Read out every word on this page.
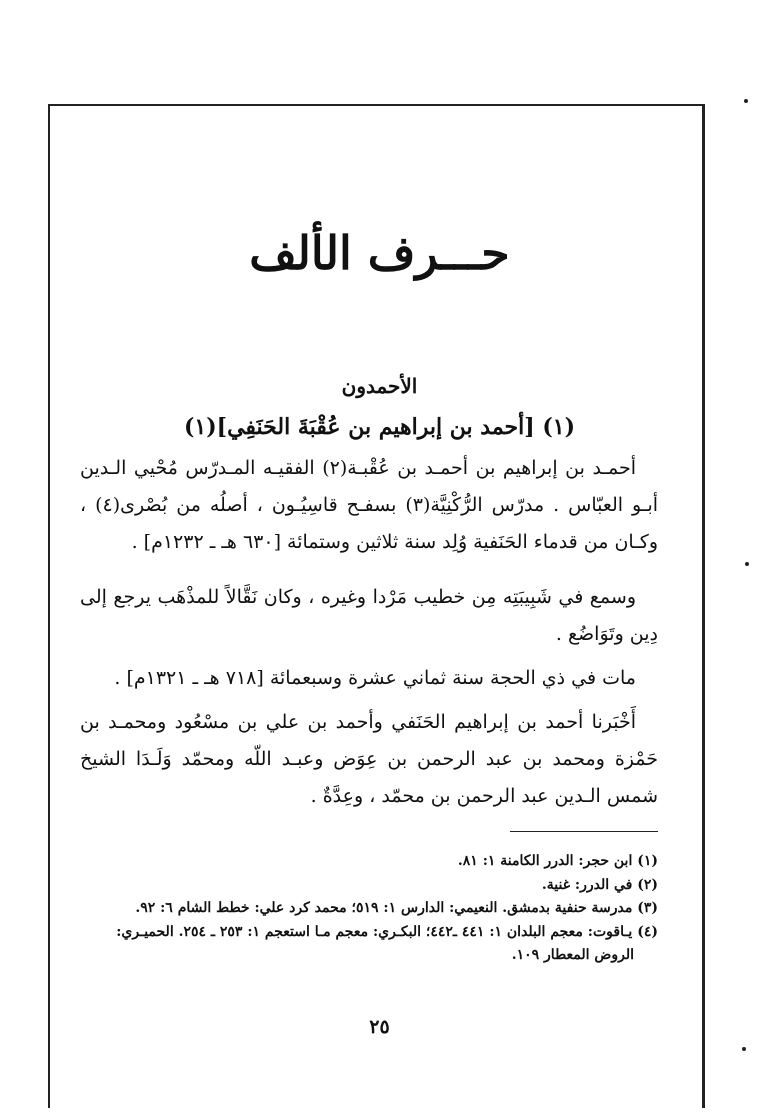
حـــرف الألف
الأحمدون
(١) [أحمد بن إبراهيم بن عُقْبَةَ الحَنَفِي](١)
أحمـد بن إبراهيم بن أحمـد بن عُقْبـة(٢) الفقيـه المـدرّس مُحْيي الـدين أبـو العبّاس . مدرّس الرُّكْنِيَّة(٣) بسفـح قاسِيُـون ، أصلُه من بُصْرى(٤) ، وكـان من قدماء الحَنَفية وُلِد سنة ثلاثين وستمائة [٦٣٠ هـ ـ ١٢٣٢م] .
وسمع في شَبِيبَتِه مِن خطيب مَرْدا وغيره ، وكان نَقَّالاً للمذْهَب يرجع إلى دِين وتَوَاضُع .
مات في ذي الحجة سنة ثماني عشرة وسبعمائة [٧١٨ هـ ـ ١٣٢١م] .
أَخْبَرنا أحمد بن إبراهيم الحَنَفي وأحمد بن علي بن مسْعُود ومحمـد بن حَمْزة ومحمد بن عبد الرحمن بن عِوَض وعبـد اللّه ومحمّد وَلَـدَا الشيخ شمس الـدين عبد الرحمن بن محمّد ، وعِدَّةٌ .
(١) ابن حجر: الدرر الكامنة ١: ٨١.
(٢) في الدرر: غنية.
(٣) مدرسة حنفية بدمشق. النعيمي: الدارس ١: ٥١٩؛ محمد كرد علي: خطط الشام ٦: ٩٢.
(٤) يـاقوت: معجم البلدان ١: ٤٤١ ـ٤٤٢؛ البكـري: معجم مـا استعجم ١: ٢٥٣ ـ ٢٥٤. الحميـري:
الروض المعطار ١٠٩.
٢٥
